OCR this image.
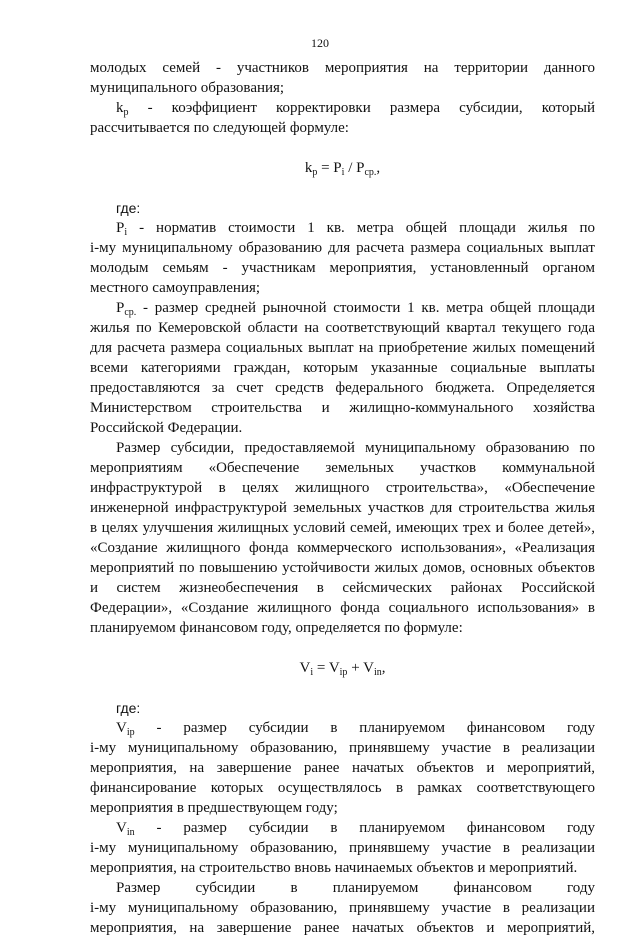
120
молодых семей - участников мероприятия на территории данного
муниципального образования;
$k_р$ - коэффициент корректировки размера субсидии, который
рассчитывается по следующей формуле:
$k_р = P_i / P_{ср.}$,
где:
$P_i$ - норматив стоимости 1 кв. метра общей площади жилья по
i-му муниципальному образованию для расчета размера социальных выплат
молодым семьям - участникам мероприятия, установленный органом
местного самоуправления;
$P_{ср.}$ - размер средней рыночной стоимости 1 кв. метра общей площади
жилья по Кемеровской области на соответствующий квартал текущего года
для расчета размера социальных выплат на приобретение жилых помещений
всеми категориями граждан, которым указанные социальные выплаты
предоставляются за счет средств федерального бюджета. Определяется
Министерством строительства и жилищно-коммунального хозяйства
Российской Федерации.
Размер субсидии, предоставляемой муниципальному образованию по
мероприятиям «Обеспечение земельных участков коммунальной
инфраструктурой в целях жилищного строительства», «Обеспечение
инженерной инфраструктурой земельных участков для строительства жилья
в целях улучшения жилищных условий семей, имеющих трех и более детей»,
«Создание жилищного фонда коммерческого использования», «Реализация
мероприятий по повышению устойчивости жилых домов, основных объектов
и систем жизнеобеспечения в сейсмических районах Российской
Федерации», «Создание жилищного фонда социального использования» в
планируемом финансовом году, определяется по формуле:
$V_i = V_{ip} + V_{in}$,
где:
$V_{ip}$ - размер субсидии в планируемом финансовом году
i-му муниципальному образованию, принявшему участие в реализации
мероприятия, на завершение ранее начатых объектов и мероприятий,
финансирование которых осуществлялось в рамках соответствующего
мероприятия в предшествующем году;
$V_{in}$ - размер субсидии в планируемом финансовом году
i-му муниципальному образованию, принявшему участие в реализации
мероприятия, на строительство вновь начинаемых объектов и мероприятий.
Размер субсидии в планируемом финансовом году
i-му муниципальному образованию, принявшему участие в реализации
мероприятия, на завершение ранее начатых объектов и мероприятий,
